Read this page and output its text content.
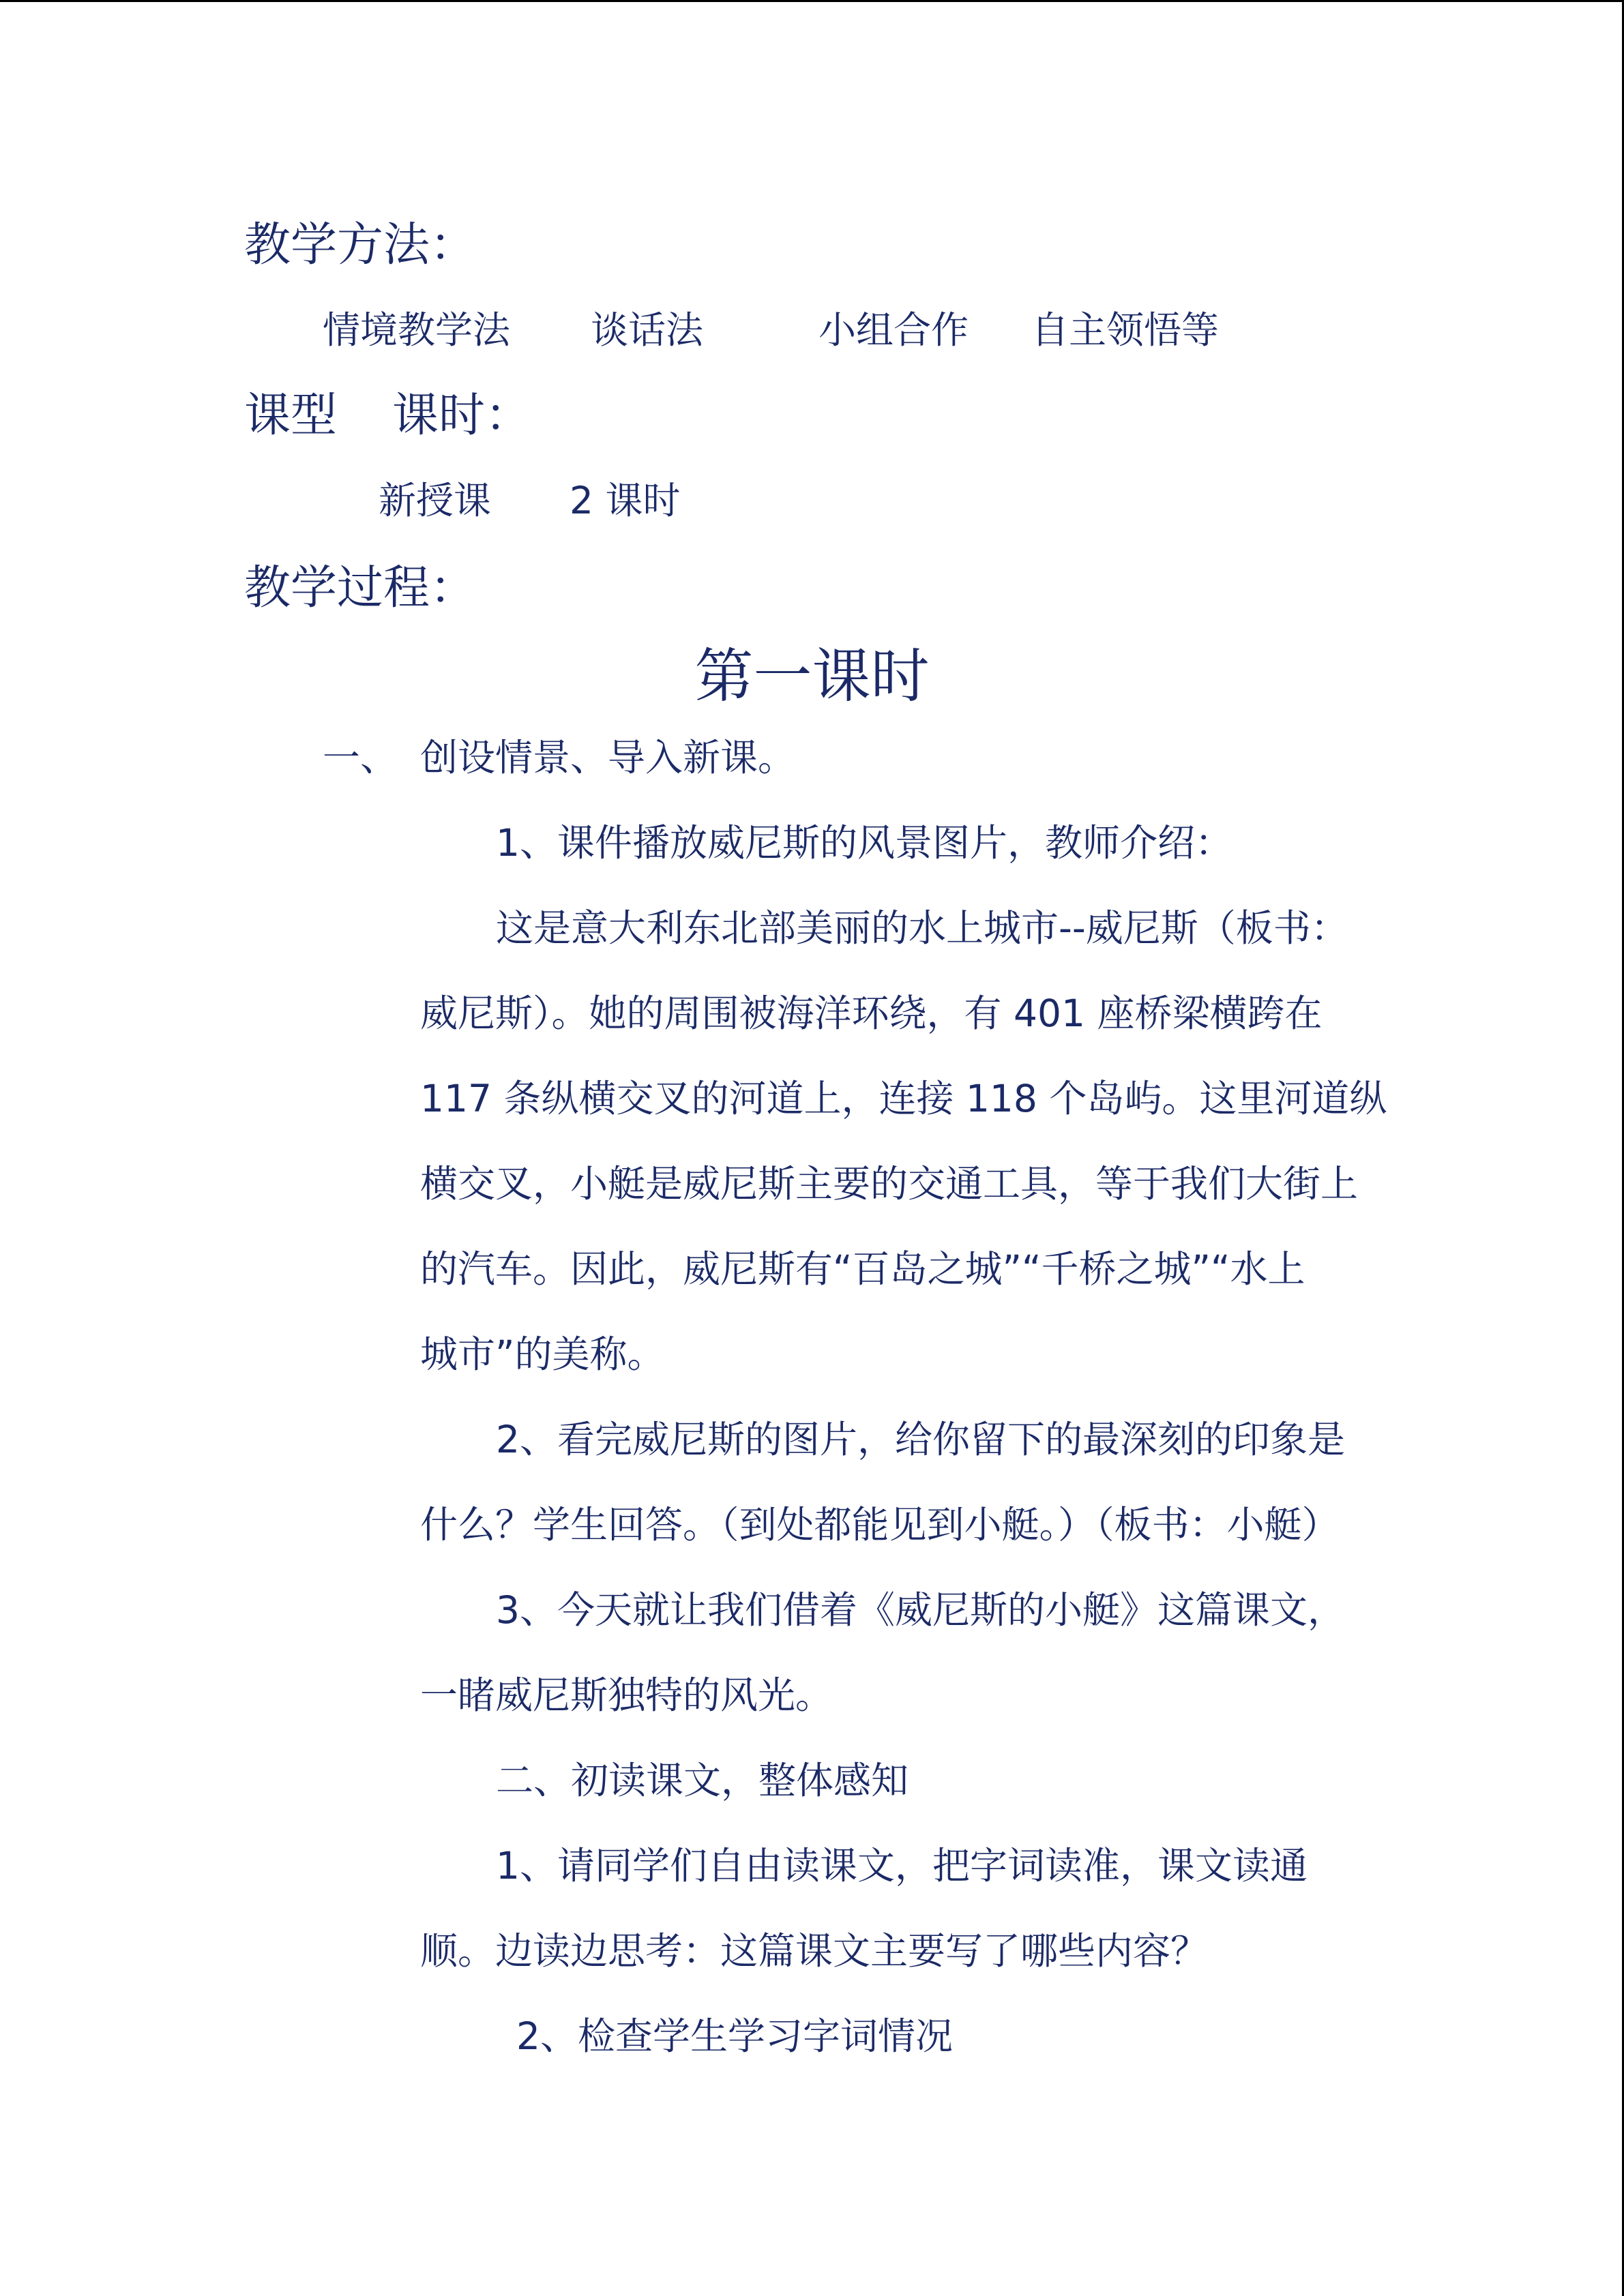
教学方法：
情境教学法 谈话法	小组合作 自主领悟等
课型 课时：
新授课 2 课时
教学过程：
第一课时
一、 创设情景、导入新课。
1、课件播放威尼斯的风景图片，教师介绍：
这是意大利东北部美丽的水上城市--威尼斯（板书：
威尼斯）。她的周围被海洋环绕，有 401 座桥梁横跨在
117 条纵横交叉的河道上，连接 118 个岛屿。这里河道纵
横交叉，小艇是威尼斯主要的交通工具，等于我们大街上
的汽车。因此，威尼斯有“百岛之城”“千桥之城”“水上
城市”的美称。
2、看完威尼斯的图片，给你留下的最深刻的印象是
什么？学生回答。（到处都能见到小艇。）（板书：小艇）
3、今天就让我们借着《威尼斯的小艇》这篇课文，
一睹威尼斯独特的风光。
二、初读课文，整体感知
1、请同学们自由读课文，把字词读准，课文读通
顺。边读边思考：这篇课文主要写了哪些内容？
2、检查学生学习字词情况
